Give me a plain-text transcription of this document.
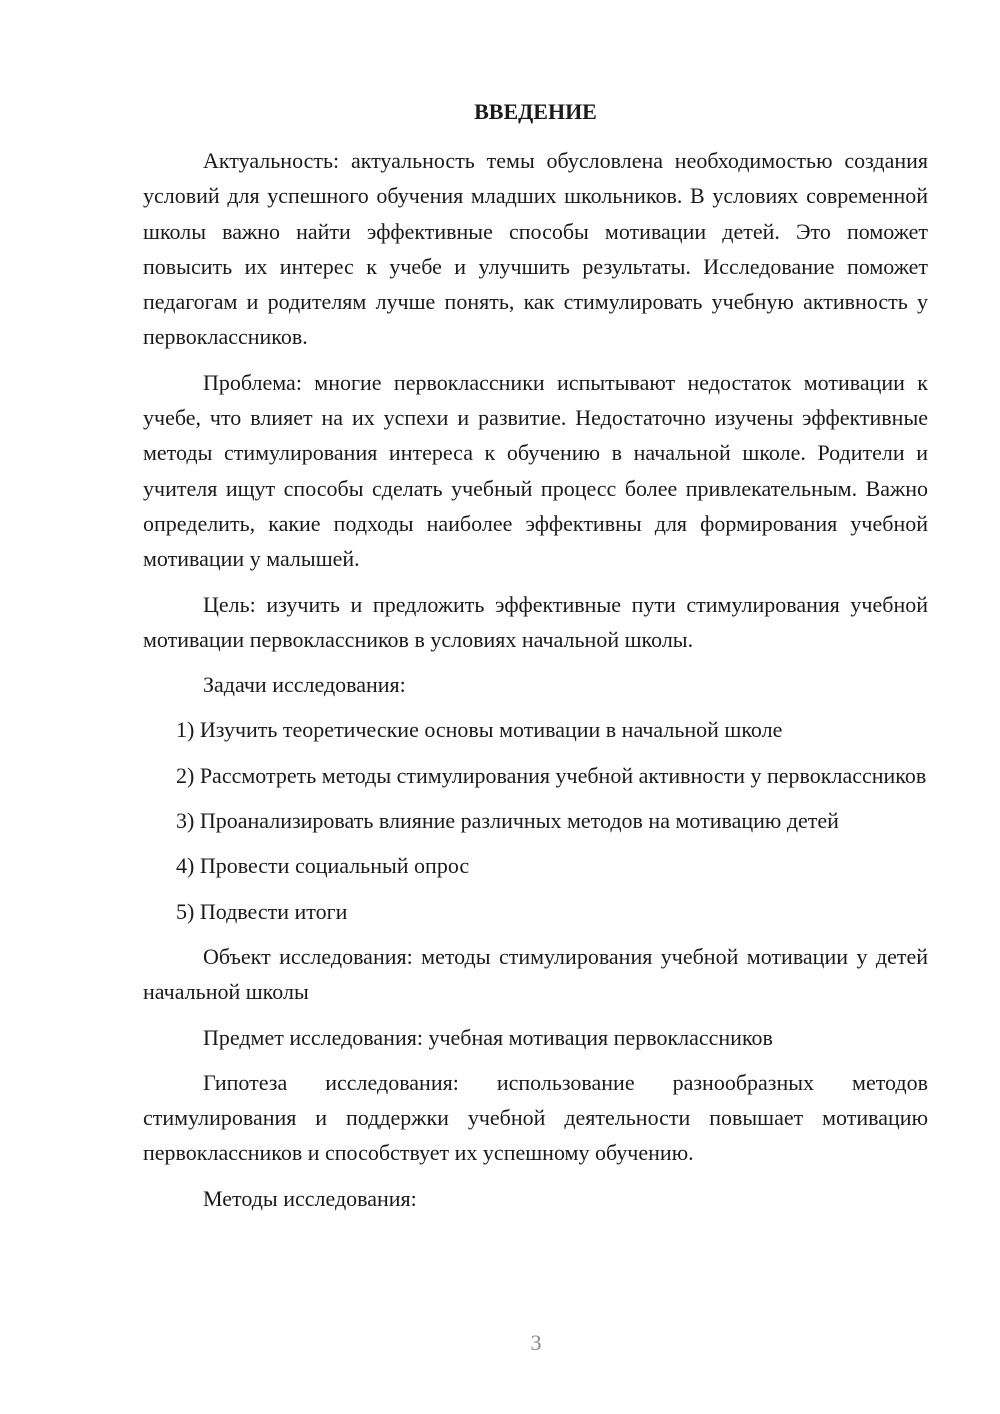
ВВЕДЕНИЕ

Актуальность: актуальность темы обусловлена необходимостью создания условий для успешного обучения младших школьников. В условиях современной школы важно найти эффективные способы мотивации детей. Это поможет повысить их интерес к учебе и улучшить результаты. Исследование поможет педагогам и родителям лучше понять, как стимулировать учебную активность у первоклассников.

Проблема: многие первоклассники испытывают недостаток мотивации к учебе, что влияет на их успехи и развитие. Недостаточно изучены эффективные методы стимулирования интереса к обучению в начальной школе. Родители и учителя ищут способы сделать учебный процесс более привлекательным. Важно определить, какие подходы наиболее эффективны для формирования учебной мотивации у малышей.

Цель: изучить и предложить эффективные пути стимулирования учебной мотивации первоклассников в условиях начальной школы.

Задачи исследования:

1) Изучить теоретические основы мотивации в начальной школе

2) Рассмотреть методы стимулирования учебной активности у первоклассников

3) Проанализировать влияние различных методов на мотивацию детей

4) Провести социальный опрос

5) Подвести итоги

Объект исследования: методы стимулирования учебной мотивации у детей начальной школы

Предмет исследования: учебная мотивация первоклассников

Гипотеза исследования: использование разнообразных методов стимулирования и поддержки учебной деятельности повышает мотивацию первоклассников и способствует их успешному обучению.

Методы исследования:

3
